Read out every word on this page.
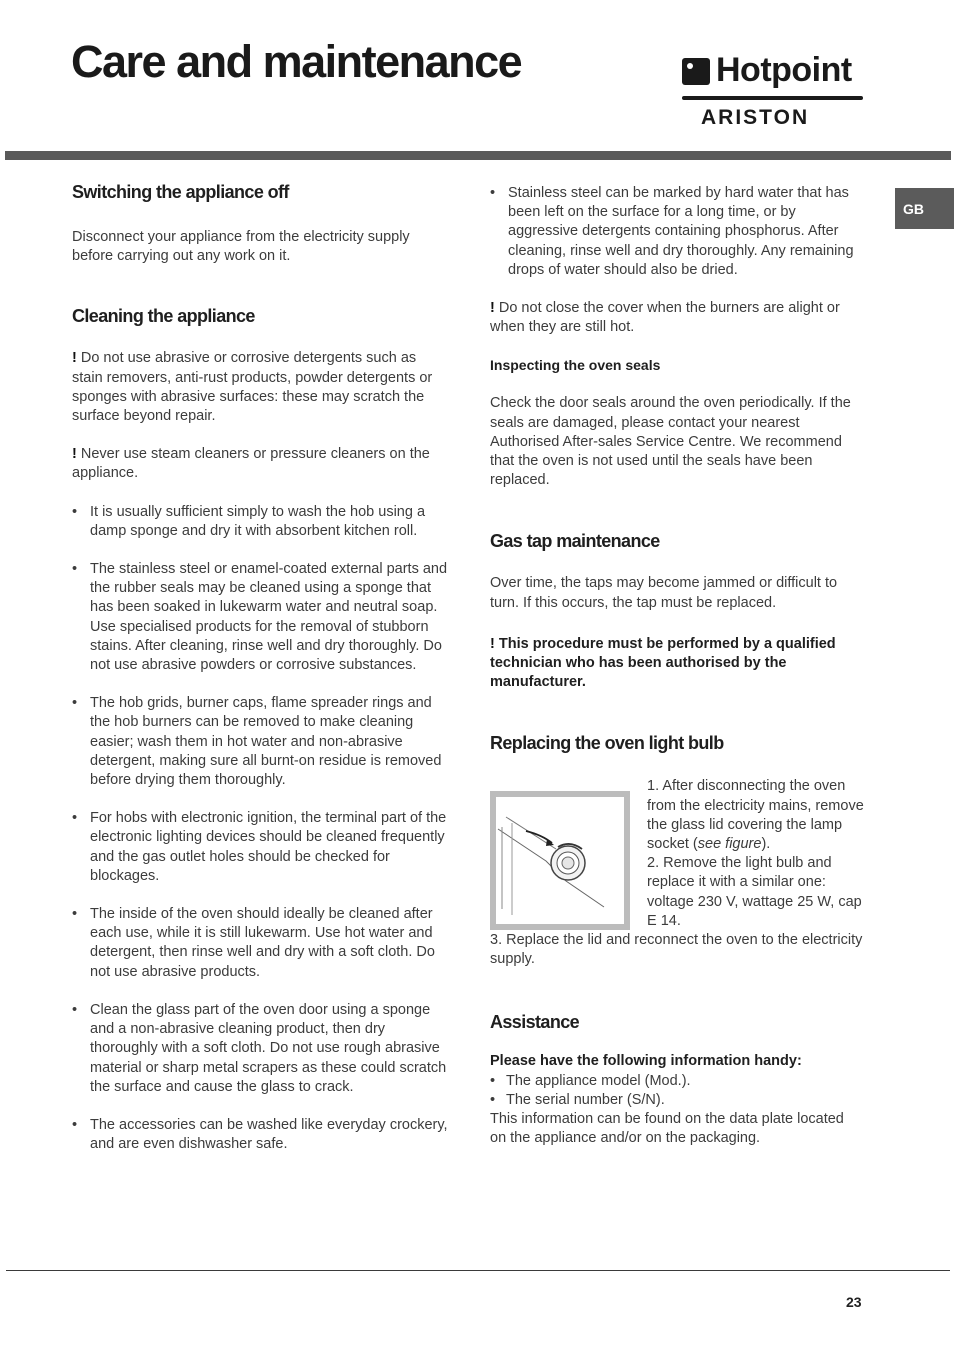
Care and maintenance	Hotpoint
ARISTON
GB
Switching the appliance off

Disconnect your appliance from the electricity supply before carrying out any work on it.

Cleaning the appliance

! Do not use abrasive or corrosive detergents such as stain removers, anti-rust products, powder detergents or sponges with abrasive surfaces: these may scratch the surface beyond repair.

! Never use steam cleaners or pressure cleaners on the appliance.

• It is usually sufficient simply to wash the hob using a damp sponge and dry it with absorbent kitchen roll.

• The stainless steel or enamel-coated external parts and the rubber seals may be cleaned using a sponge that has been soaked in lukewarm water and neutral soap. Use specialised products for the removal of stubborn stains. After cleaning, rinse well and dry thoroughly. Do not use abrasive powders or corrosive substances.

• The hob grids, burner caps, flame spreader rings and the hob burners can be removed to make cleaning easier; wash them in hot water and non-abrasive detergent, making sure all burnt-on residue is removed before drying them thoroughly.

• For hobs with electronic ignition, the terminal part of the electronic lighting devices should be cleaned frequently and the gas outlet holes should be checked for blockages.

• The inside of the oven should ideally be cleaned after each use, while it is still lukewarm. Use hot water and detergent, then rinse well and dry with a soft cloth. Do not use abrasive products.

• Clean the glass part of the oven door using a sponge and a non-abrasive cleaning product, then dry thoroughly with a soft cloth. Do not use rough abrasive material or sharp metal scrapers as these could scratch the surface and cause the glass to crack.

• The accessories can be washed like everyday crockery, and are even dishwasher safe.

• Stainless steel can be marked by hard water that has been left on the surface for a long time, or by aggressive detergents containing phosphorus. After cleaning, rinse well and dry thoroughly. Any remaining drops of water should also be dried.

! Do not close the cover when the burners are alight or when they are still hot.

Inspecting the oven seals

Check the door seals around the oven periodically. If the seals are damaged, please contact your nearest Authorised After-sales Service Centre. We recommend that the oven is not used until the seals have been replaced.

Gas tap maintenance

Over time, the taps may become jammed or difficult to turn. If this occurs, the tap must be replaced.

! This procedure must be performed by a qualified technician who has been authorised by the manufacturer.

Replacing the oven light bulb

1. After disconnecting the oven from the electricity mains, remove the glass lid covering the lamp socket (see figure).

2. Remove the light bulb and replace it with a similar one: voltage 230 V, wattage 25 W, cap E 14.

3. Replace the lid and reconnect the oven to the electricity supply.

Assistance

Please have the following information handy:

• The appliance model (Mod.).

• The serial number (S/N).

This information can be found on the data plate located on the appliance and/or on the packaging.

23
